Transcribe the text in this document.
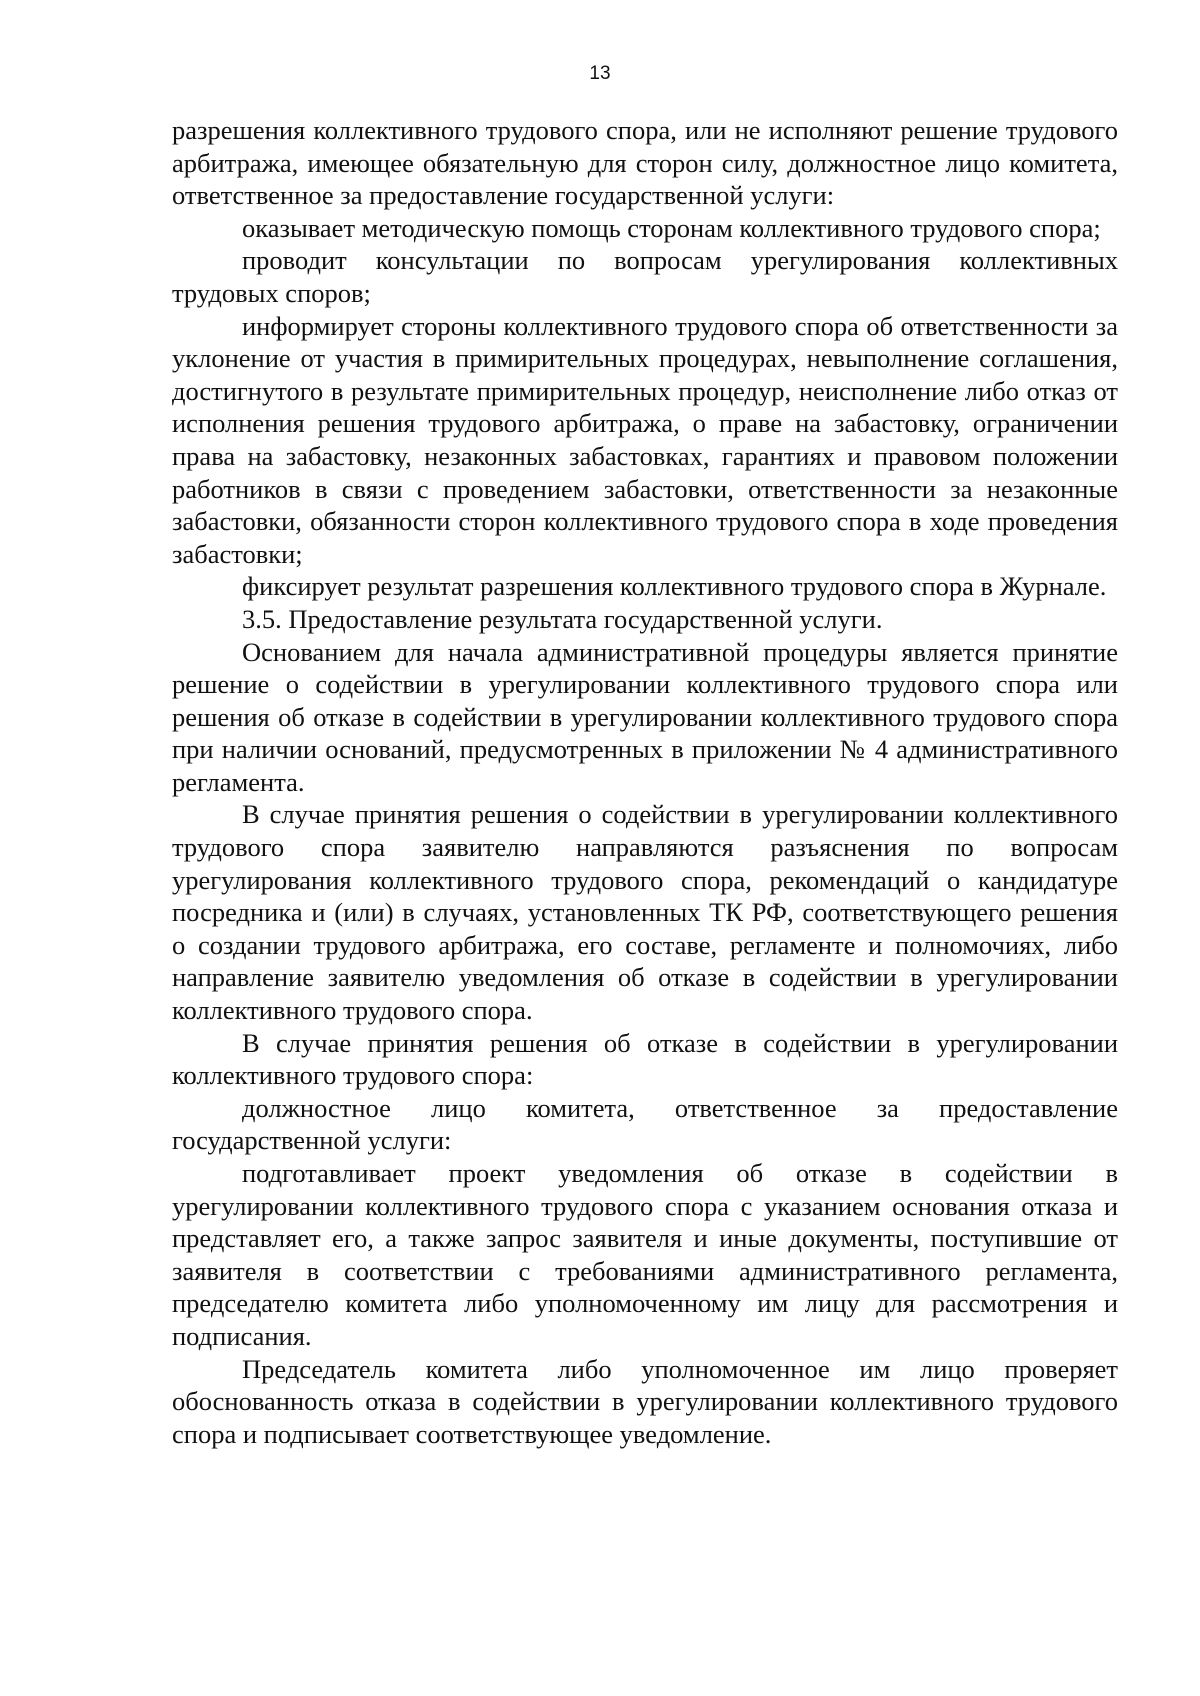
13

разрешения коллективного трудового спора, или не исполняют решение трудового арбитража, имеющее обязательную для сторон силу, должностное лицо комитета, ответственное за предоставление государственной услуги:

оказывает методическую помощь сторонам коллективного трудового спора;

проводит консультации по вопросам урегулирования коллективных трудовых споров;

информирует стороны коллективного трудового спора об ответственности за уклонение от участия в примирительных процедурах, невыполнение соглашения, достигнутого в результате примирительных процедур, неисполнение либо отказ от исполнения решения трудового арбитража, о праве на забастовку, ограничении права на забастовку, незаконных забастовках, гарантиях и правовом положении работников в связи с проведением забастовки, ответственности за незаконные забастовки, обязанности сторон коллективного трудового спора в ходе проведения забастовки;

фиксирует результат разрешения коллективного трудового спора в Журнале.

3.5. Предоставление результата государственной услуги.

Основанием для начала административной процедуры является принятие решение о содействии в урегулировании коллективного трудового спора или решения об отказе в содействии в урегулировании коллективного трудового спора при наличии оснований, предусмотренных в приложении № 4 административного регламента.

В случае принятия решения о содействии в урегулировании коллективного трудового спора заявителю направляются разъяснения по вопросам урегулирования коллективного трудового спора, рекомендаций о кандидатуре посредника и (или) в случаях, установленных ТК РФ, соответствующего решения о создании трудового арбитража, его составе, регламенте и полномочиях, либо направление заявителю уведомления об отказе в содействии в урегулировании коллективного трудового спора.

В случае принятия решения об отказе в содействии в урегулировании коллективного трудового спора:

должностное лицо комитета, ответственное за предоставление государственной услуги:

подготавливает проект уведомления об отказе в содействии в урегулировании коллективного трудового спора с указанием основания отказа и представляет его, а также запрос заявителя и иные документы, поступившие от заявителя в соответствии с требованиями административного регламента, председателю комитета либо уполномоченному им лицу для рассмотрения и подписания.

Председатель комитета либо уполномоченное им лицо проверяет обоснованность отказа в содействии в урегулировании коллективного трудового спора и подписывает соответствующее уведомление.
